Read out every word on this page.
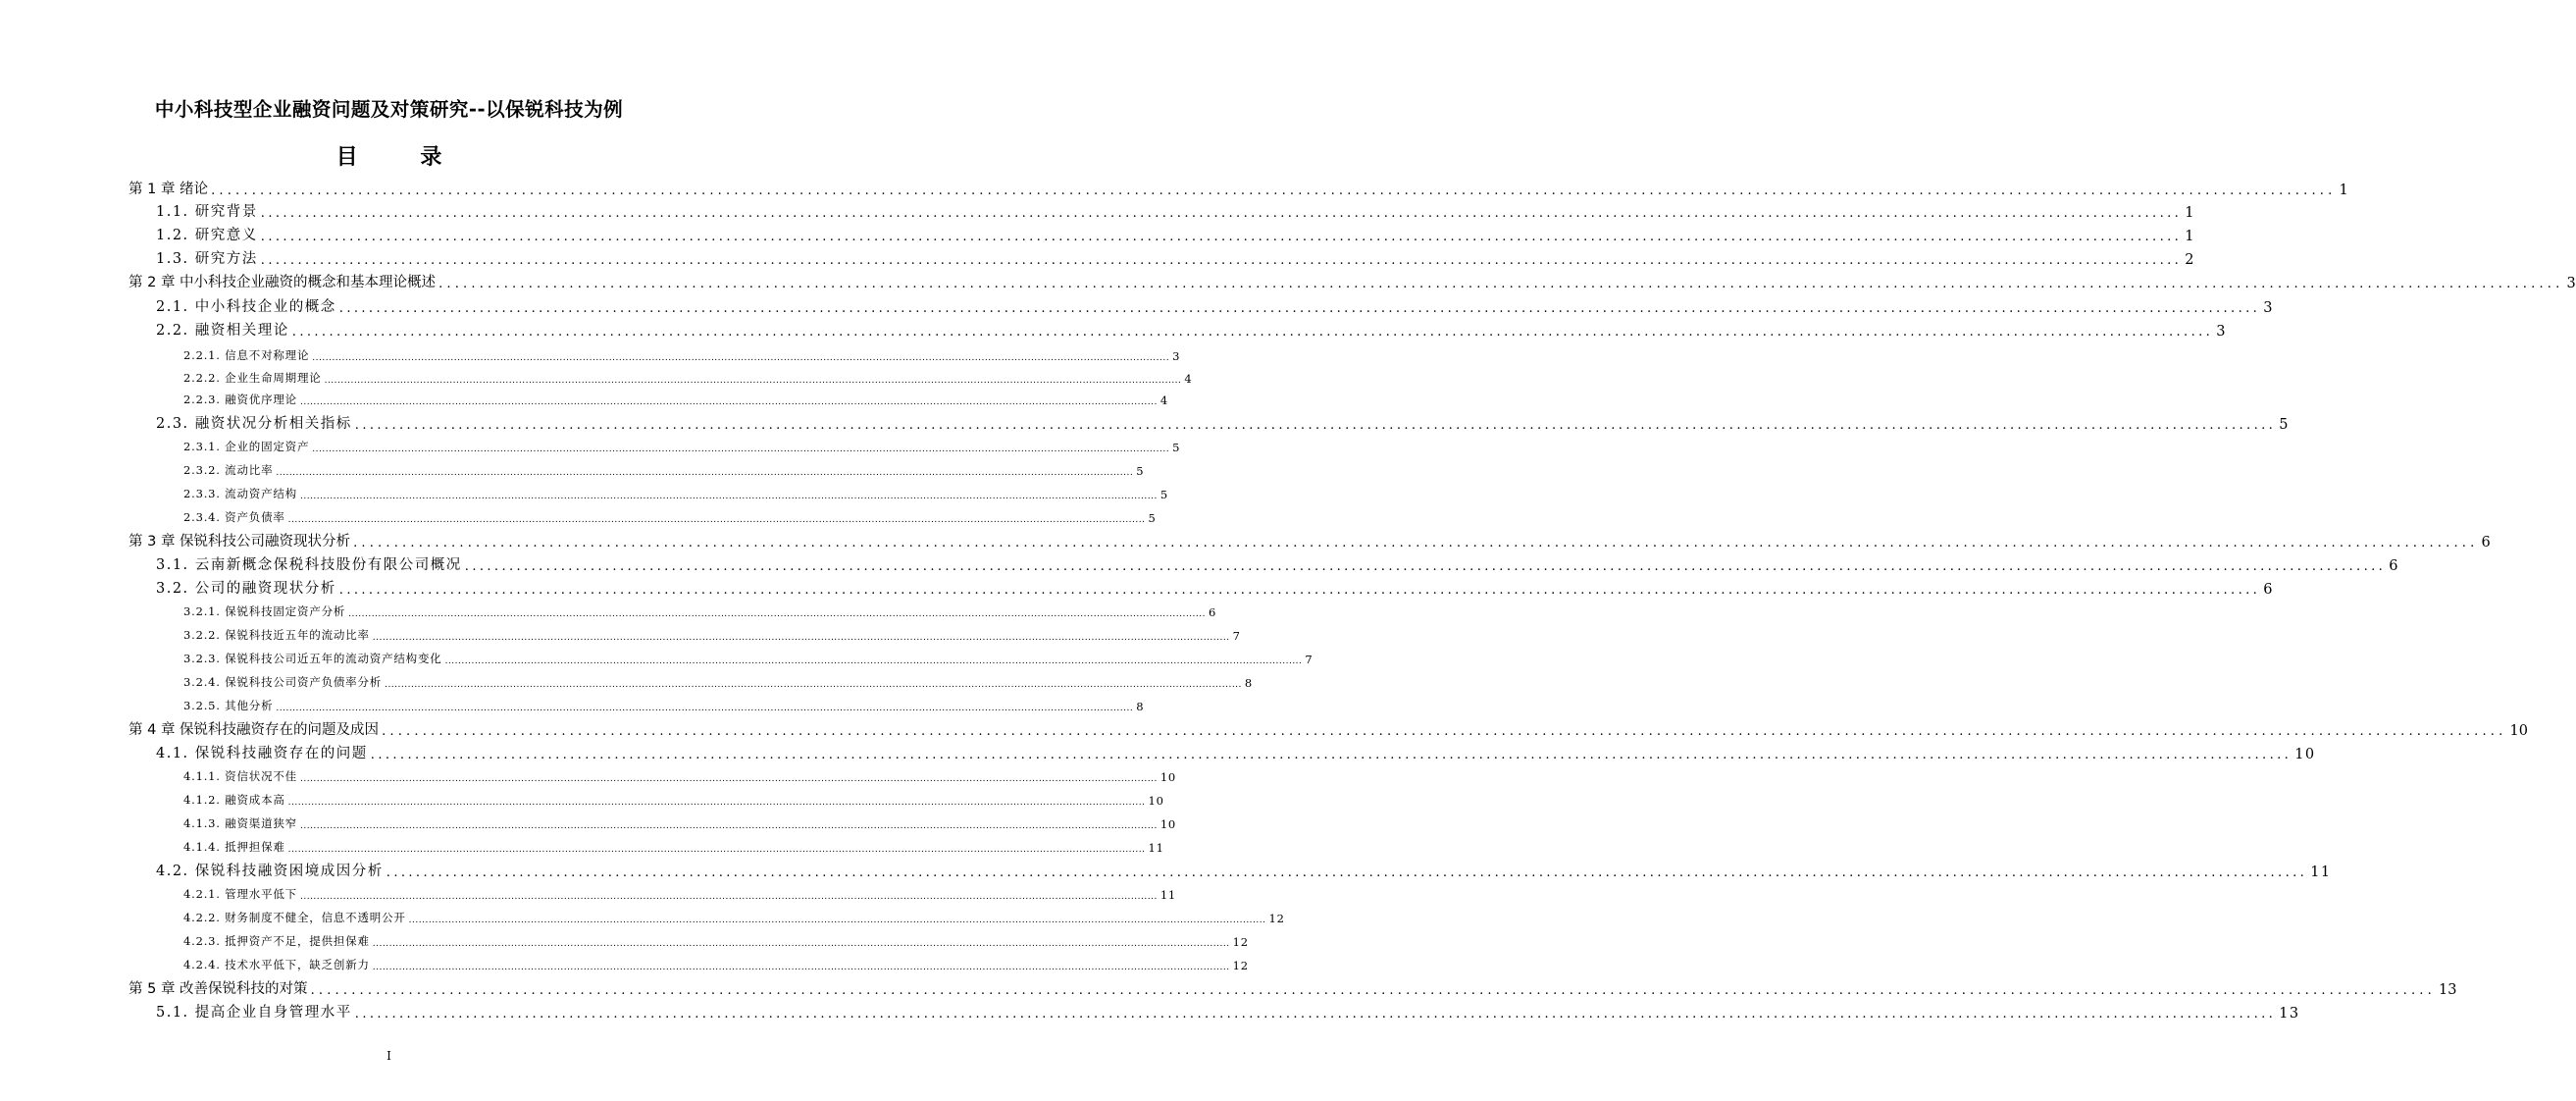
中小科技型企业融资问题及对策研究--以保锐科技为例
目 录
第 1 章 绪论 .................................................................................................................................................................................................................................................................... 1
1.1. 研究背景 .................................................................................................................................................................................................................................................................... 1
1.2. 研究意义 .................................................................................................................................................................................................................................................................... 1
1.3. 研究方法 .................................................................................................................................................................................................................................................................... 2
第 2 章 中小科技企业融资的概念和基本理论概述 .................................................................................................................................................................................................................................................................... 3
2.1. 中小科技企业的概念 .................................................................................................................................................................................................................................................................... 3
2.2. 融资相关理论 .................................................................................................................................................................................................................................................................... 3
2.2.1. 信息不对称理论 .................................................................................................................................................................................................................................................................... 3
2.2.2. 企业生命周期理论 .................................................................................................................................................................................................................................................................... 4
2.2.3. 融资优序理论 .................................................................................................................................................................................................................................................................... 4
2.3. 融资状况分析相关指标 .................................................................................................................................................................................................................................................................... 5
2.3.1. 企业的固定资产 .................................................................................................................................................................................................................................................................... 5
2.3.2. 流动比率 .................................................................................................................................................................................................................................................................... 5
2.3.3. 流动资产结构 .................................................................................................................................................................................................................................................................... 5
2.3.4. 资产负债率 .................................................................................................................................................................................................................................................................... 5
第 3 章 保锐科技公司融资现状分析 .................................................................................................................................................................................................................................................................... 6
3.1. 云南新概念保税科技股份有限公司概况 .................................................................................................................................................................................................................................................................... 6
3.2. 公司的融资现状分析 .................................................................................................................................................................................................................................................................... 6
3.2.1. 保锐科技固定资产分析 .................................................................................................................................................................................................................................................................... 6
3.2.2. 保锐科技近五年的流动比率 .................................................................................................................................................................................................................................................................... 7
3.2.3. 保锐科技公司近五年的流动资产结构变化 .................................................................................................................................................................................................................................................................... 7
3.2.4. 保锐科技公司资产负债率分析 .................................................................................................................................................................................................................................................................... 8
3.2.5. 其他分析 .................................................................................................................................................................................................................................................................... 8
第 4 章 保锐科技融资存在的问题及成因 .................................................................................................................................................................................................................................................................... 10
4.1. 保锐科技融资存在的问题 .................................................................................................................................................................................................................................................................... 10
4.1.1. 资信状况不佳 .................................................................................................................................................................................................................................................................... 10
4.1.2. 融资成本高 .................................................................................................................................................................................................................................................................... 10
4.1.3. 融资渠道狭窄 .................................................................................................................................................................................................................................................................... 10
4.1.4. 抵押担保难 .................................................................................................................................................................................................................................................................... 11
4.2. 保锐科技融资困境成因分析 .................................................................................................................................................................................................................................................................... 11
4.2.1. 管理水平低下 .................................................................................................................................................................................................................................................................... 11
4.2.2. 财务制度不健全，信息不透明公开 .................................................................................................................................................................................................................................................................... 12
4.2.3. 抵押资产不足，提供担保难 .................................................................................................................................................................................................................................................................... 12
4.2.4. 技术水平低下，缺乏创新力 .................................................................................................................................................................................................................................................................... 12
第 5 章 改善保锐科技的对策 .................................................................................................................................................................................................................................................................... 13
5.1. 提高企业自身管理水平 .................................................................................................................................................................................................................................................................... 13
I
